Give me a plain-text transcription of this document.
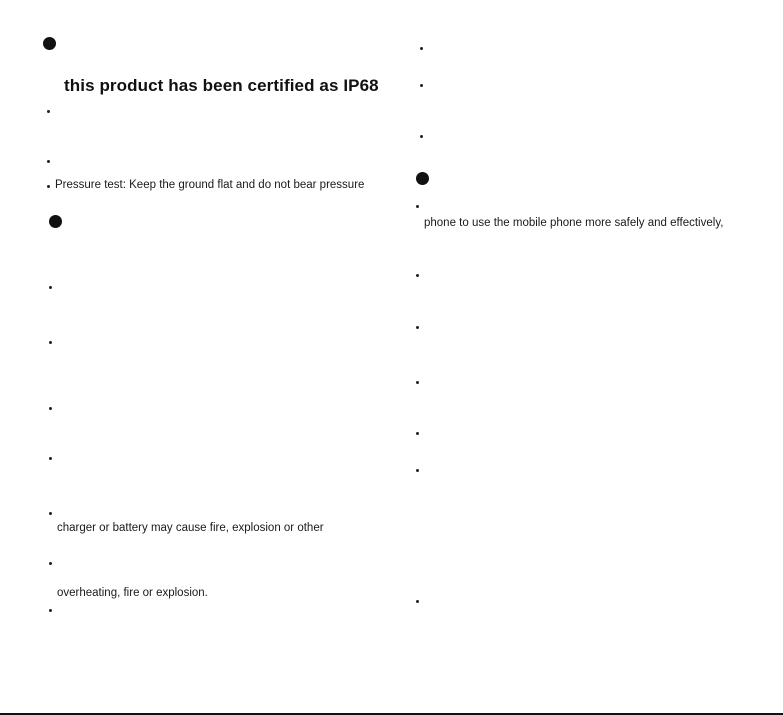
this product has been certified as IP68
Pressure test: Keep the ground flat and do not bear pressure
charger or battery may cause fire, explosion or other
overheating, fire or explosion.
phone to use the mobile phone more safely and effectively,
